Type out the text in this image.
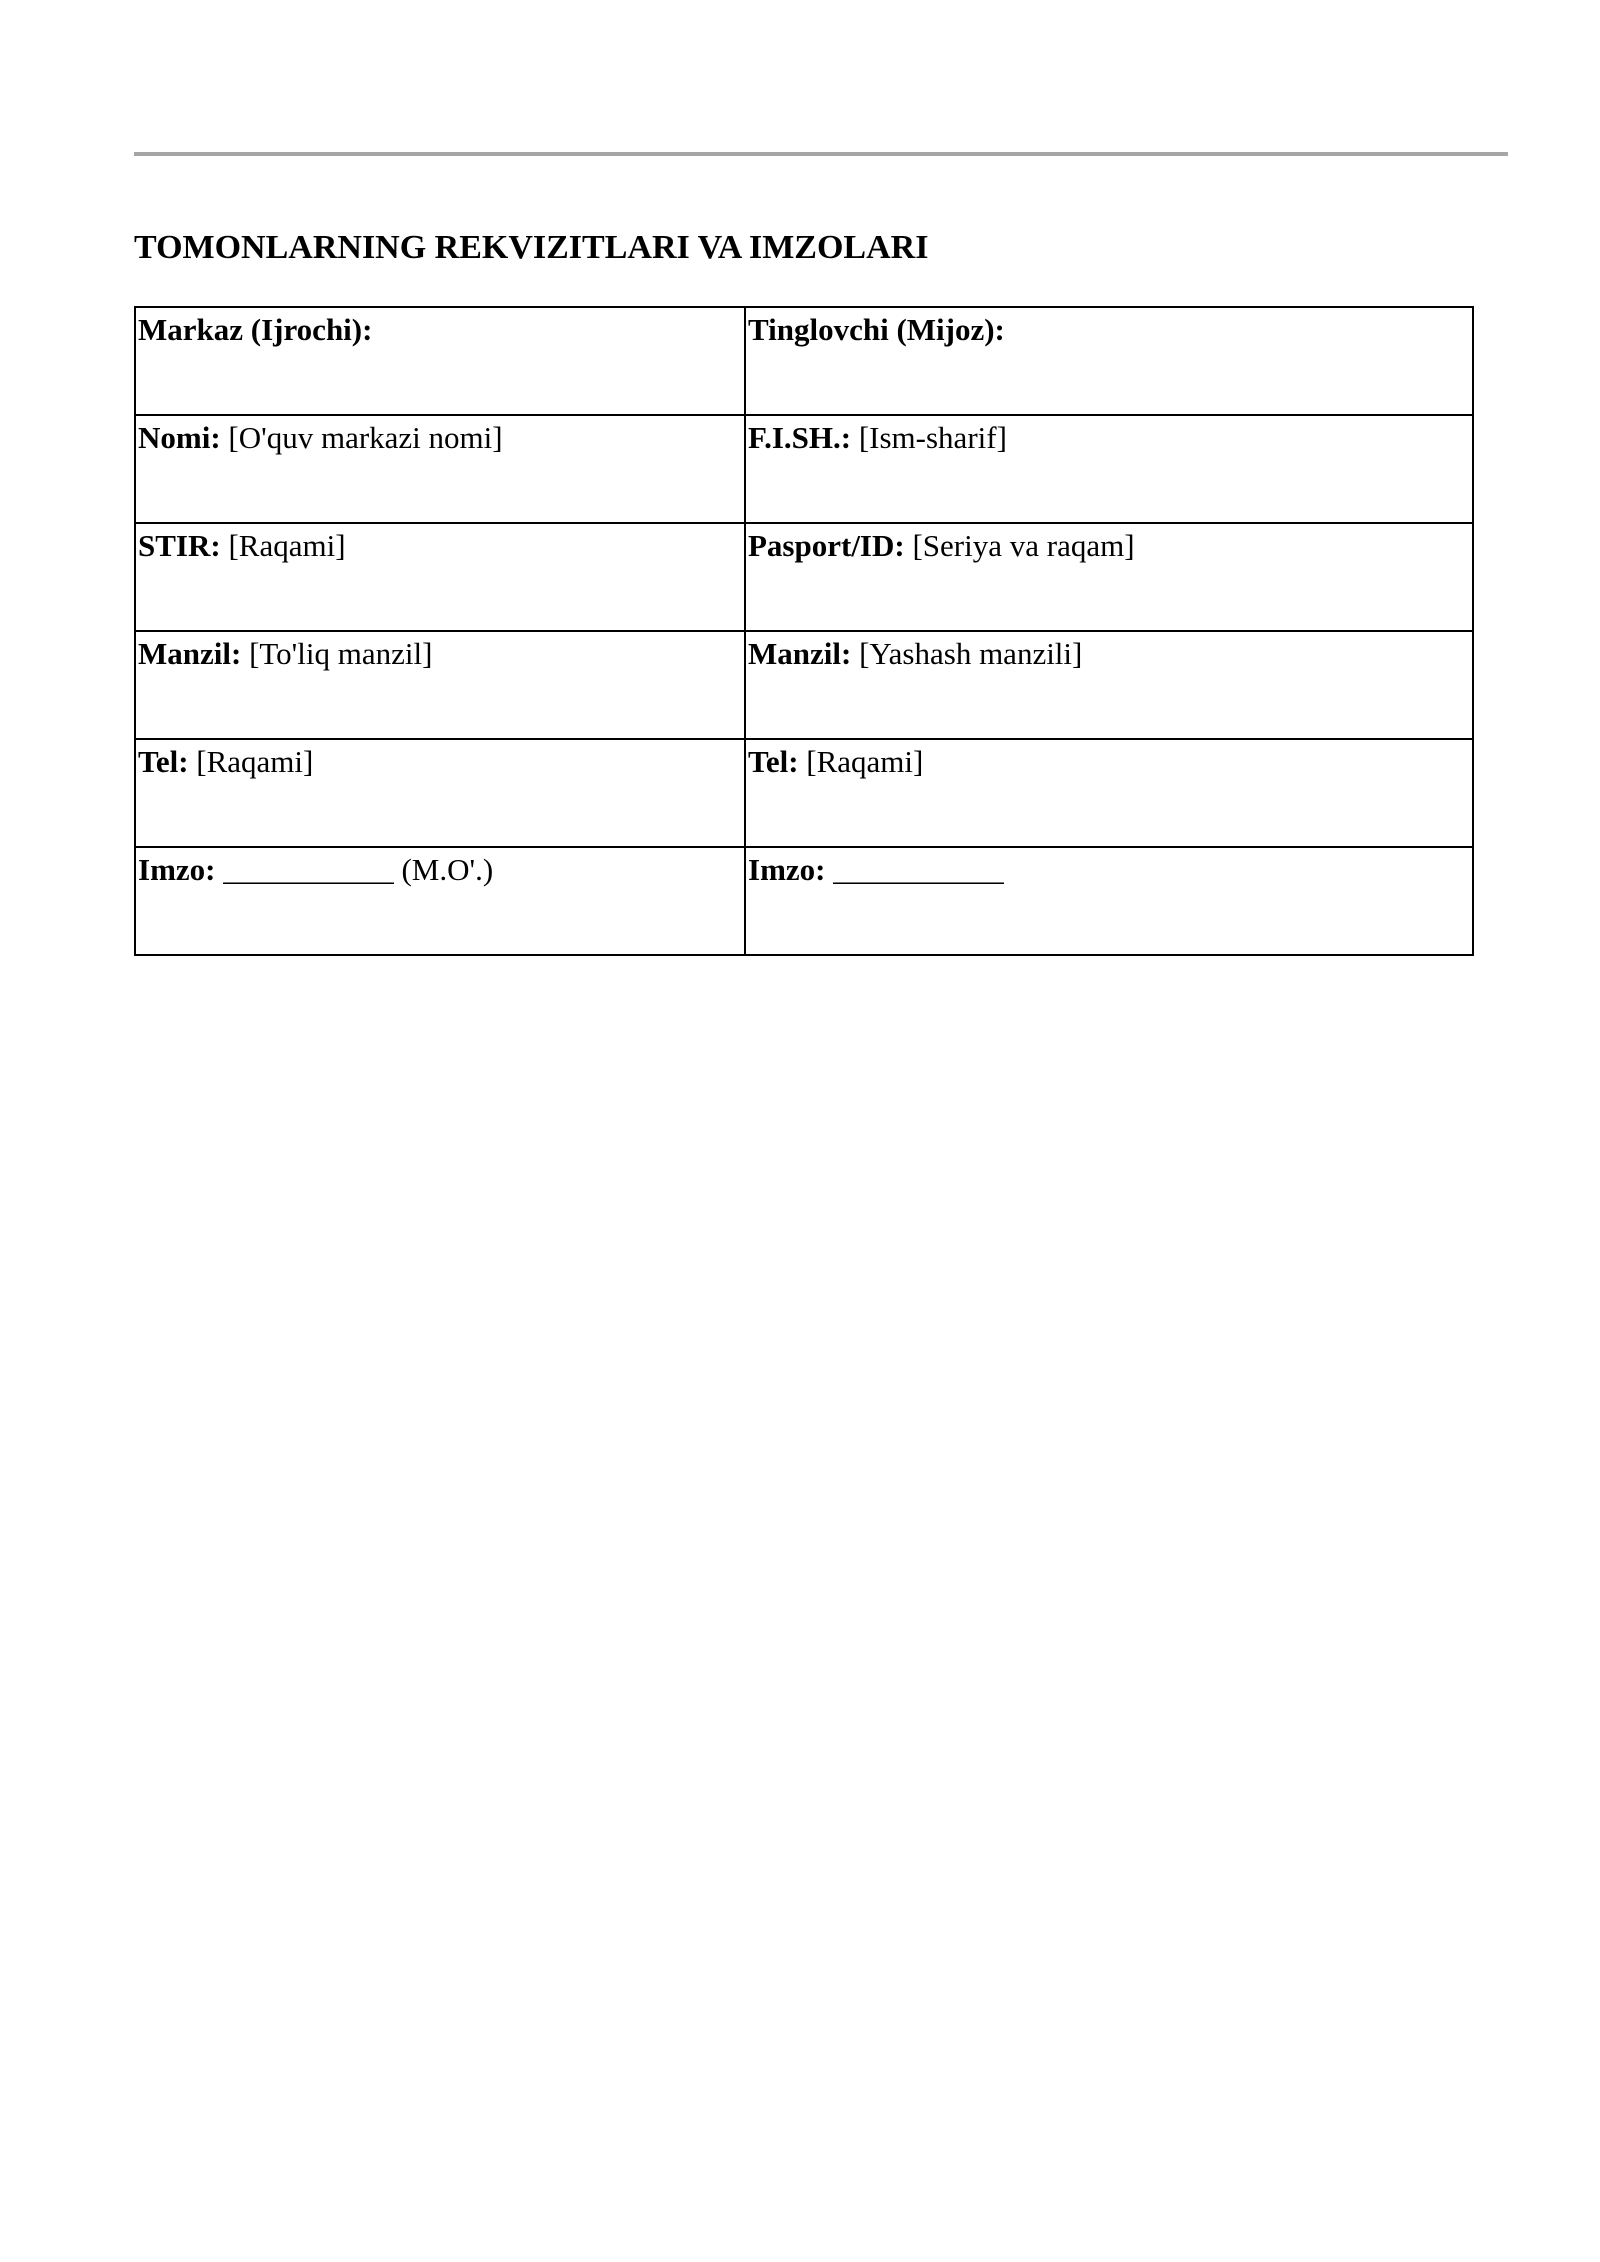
TOMONLARNING REKVIZITLARI VA IMZOLARI
Markaz (Ijrochi):	Tinglovchi (Mijoz):
Nomi: [O'quv markazi nomi]	F.I.SH.: [Ism-sharif]
STIR: [Raqami]	Pasport/ID: [Seriya va raqam]
Manzil: [To'liq manzil]	Manzil: [Yashash manzili]
Tel: [Raqami]	Tel: [Raqami]
Imzo: ___________ (M.O'.)	Imzo: ___________
